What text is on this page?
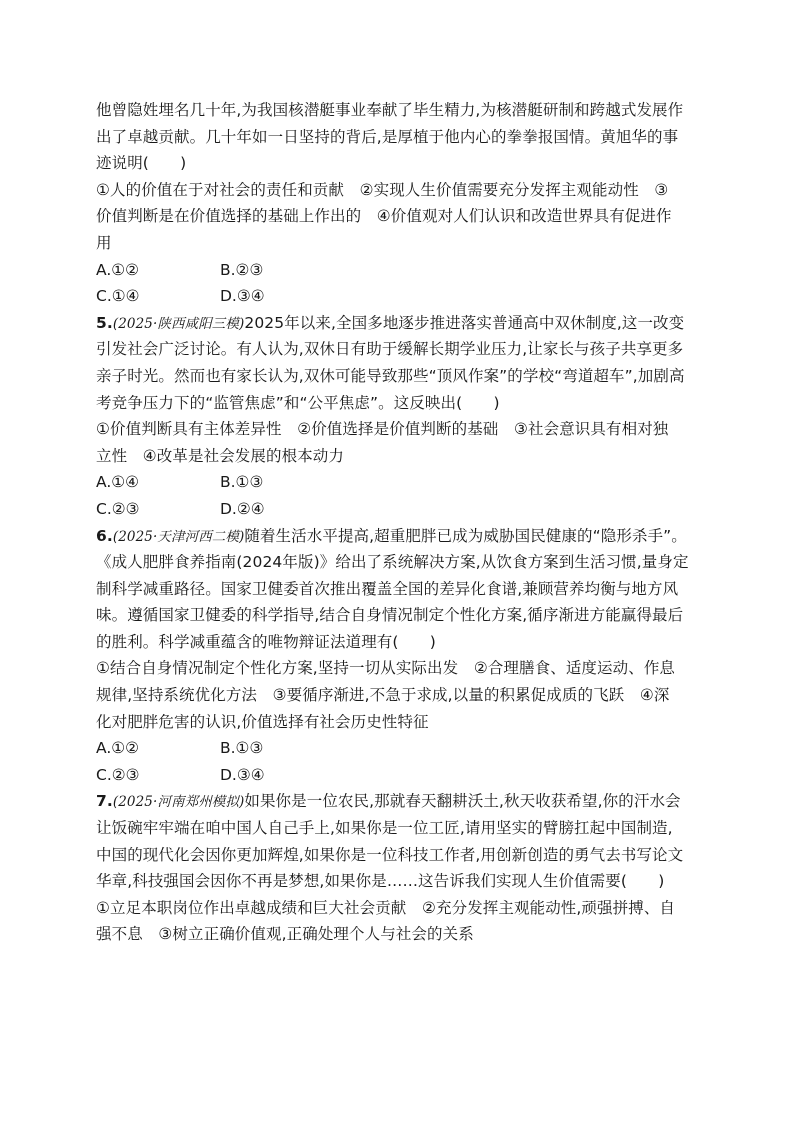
他曾隐姓埋名几十年,为我国核潜艇事业奉献了毕生精力,为核潜艇研制和跨越式发展作
出了卓越贡献。几十年如一日坚持的背后,是厚植于他内心的拳拳报国情。黄旭华的事
迹说明(　　)
①人的价值在于对社会的责任和贡献　②实现人生价值需要充分发挥主观能动性　③
价值判断是在价值选择的基础上作出的　④价值观对人们认识和改造世界具有促进作
用
A.①②	B.②③
C.①④	D.③④
5.(2025·陕西咸阳三模)2025年以来,全国多地逐步推进落实普通高中双休制度,这一改变
引发社会广泛讨论。有人认为,双休日有助于缓解长期学业压力,让家长与孩子共享更多
亲子时光。然而也有家长认为,双休可能导致那些“顶风作案”的学校“弯道超车”,加剧高
考竞争压力下的“监管焦虑”和“公平焦虑”。这反映出(　　)
①价值判断具有主体差异性　②价值选择是价值判断的基础　③社会意识具有相对独
立性　④改革是社会发展的根本动力
A.①④	B.①③
C.②③	D.②④
6.(2025·天津河西二模)随着生活水平提高,超重肥胖已成为威胁国民健康的“隐形杀手”。
《成人肥胖食养指南(2024年版)》给出了系统解决方案,从饮食方案到生活习惯,量身定
制科学减重路径。国家卫健委首次推出覆盖全国的差异化食谱,兼顾营养均衡与地方风
味。遵循国家卫健委的科学指导,结合自身情况制定个性化方案,循序渐进方能赢得最后
的胜利。科学减重蕴含的唯物辩证法道理有(　　)
①结合自身情况制定个性化方案,坚持一切从实际出发　②合理膳食、适度运动、作息
规律,坚持系统优化方法　③要循序渐进,不急于求成,以量的积累促成质的飞跃　④深
化对肥胖危害的认识,价值选择有社会历史性特征
A.①②	B.①③
C.②③	D.③④
7.(2025·河南郑州模拟)如果你是一位农民,那就春天翻耕沃土,秋天收获希望,你的汗水会
让饭碗牢牢端在咱中国人自己手上,如果你是一位工匠,请用坚实的臂膀扛起中国制造,
中国的现代化会因你更加辉煌,如果你是一位科技工作者,用创新创造的勇气去书写论文
华章,科技强国会因你不再是梦想,如果你是……这告诉我们实现人生价值需要(　　)
①立足本职岗位作出卓越成绩和巨大社会贡献　②充分发挥主观能动性,顽强拼搏、自
强不息　③树立正确价值观,正确处理个人与社会的关系
